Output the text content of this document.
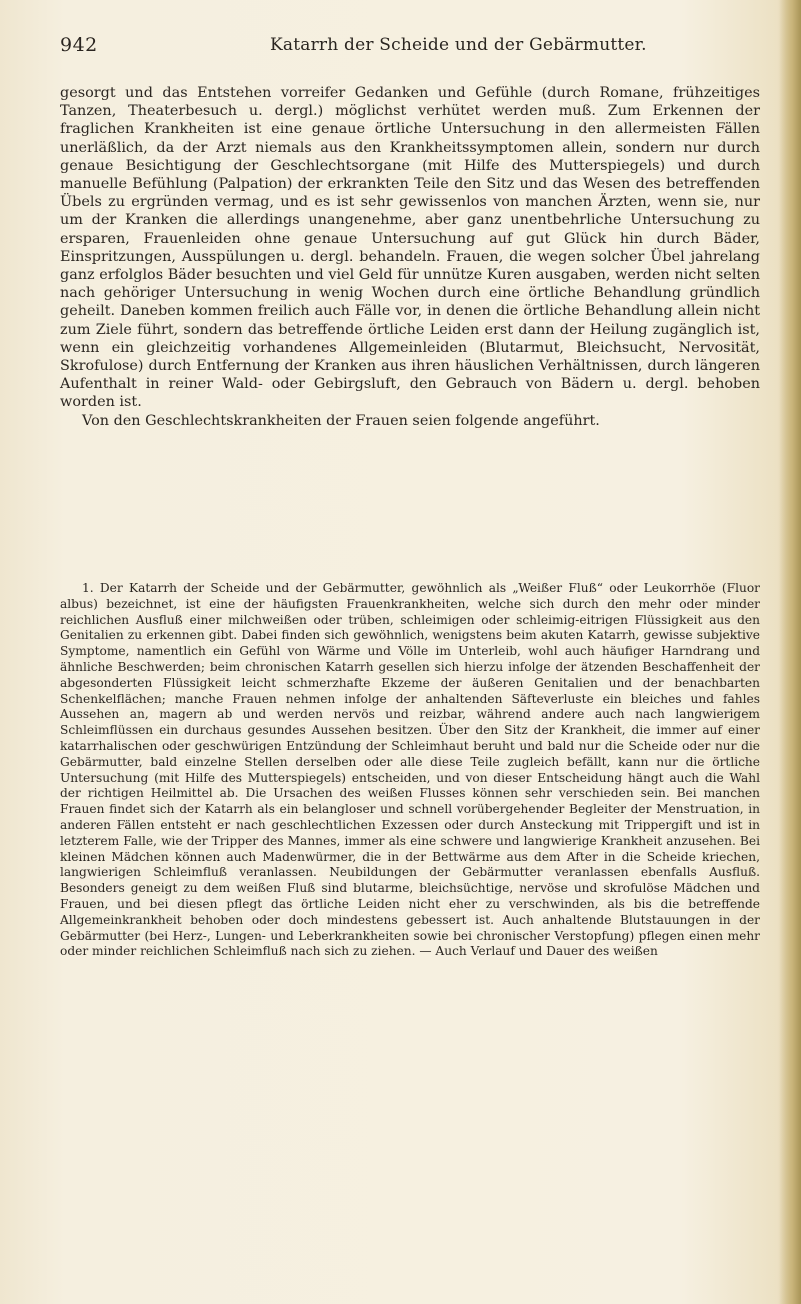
942	Katarrh der Scheide und der Gebärmutter.

gesorgt und das Entstehen vorreifer Gedanken und Gefühle (durch Romane, frühzeitiges Tanzen, Theaterbesuch u. dergl.) möglichst verhütet werden muß. Zum Erkennen der fraglichen Krankheiten ist eine genaue örtliche Untersuchung in den allermeisten Fällen unerläßlich, da der Arzt niemals aus den Krankheitssymptomen allein, sondern nur durch genaue Besichtigung der Geschlechtsorgane (mit Hilfe des Mutterspiegels) und durch manuelle Befühlung (Palpation) der erkrankten Teile den Sitz und das Wesen des betreffenden Übels zu ergründen vermag, und es ist sehr gewissenlos von manchen Ärzten, wenn sie, nur um der Kranken die allerdings unangenehme, aber ganz unentbehrliche Untersuchung zu ersparen, Frauenleiden ohne genaue Untersuchung auf gut Glück hin durch Bäder, Einspritzungen, Ausspülungen u. dergl. behandeln. Frauen, die wegen solcher Übel jahrelang ganz erfolglos Bäder besuchten und viel Geld für unnütze Kuren ausgaben, werden nicht selten nach gehöriger Untersuchung in wenig Wochen durch eine örtliche Behandlung gründlich geheilt. Daneben kommen freilich auch Fälle vor, in denen die örtliche Behandlung allein nicht zum Ziele führt, sondern das betreffende örtliche Leiden erst dann der Heilung zugänglich ist, wenn ein gleichzeitig vorhandenes Allgemeinleiden (Blutarmut, Bleichsucht, Nervosität, Skrofulose) durch Entfernung der Kranken aus ihren häuslichen Verhältnissen, durch längeren Aufenthalt in reiner Wald- oder Gebirgsluft, den Gebrauch von Bädern u. dergl. behoben worden ist.

Von den Geschlechtskrankheiten der Frauen seien folgende angeführt.

1. Der Katarrh der Scheide und der Gebärmutter, gewöhnlich als „Weißer Fluß“ oder Leukorrhöe (Fluor albus) bezeichnet, ist eine der häufigsten Frauenkrankheiten, welche sich durch den mehr oder minder reichlichen Ausfluß einer milchweißen oder trüben, schleimigen oder schleimig-eitrigen Flüssigkeit aus den Genitalien zu erkennen gibt. Dabei finden sich gewöhnlich, wenigstens beim akuten Katarrh, gewisse subjektive Symptome, namentlich ein Gefühl von Wärme und Völle im Unterleib, wohl auch häufiger Harndrang und ähnliche Beschwerden; beim chronischen Katarrh gesellen sich hierzu infolge der ätzenden Beschaffenheit der abgesonderten Flüssigkeit leicht schmerzhafte Ekzeme der äußeren Genitalien und der benachbarten Schenkelflächen; manche Frauen nehmen infolge der anhaltenden Säfteverluste ein bleiches und fahles Aussehen an, magern ab und werden nervös und reizbar, während andere auch nach langwierigem Schleimflüssen ein durchaus gesundes Aussehen besitzen. Über den Sitz der Krankheit, die immer auf einer katarrhalischen oder geschwürigen Entzündung der Schleimhaut beruht und bald nur die Scheide oder nur die Gebärmutter, bald einzelne Stellen derselben oder alle diese Teile zugleich befällt, kann nur die örtliche Untersuchung (mit Hilfe des Mutterspiegels) entscheiden, und von dieser Entscheidung hängt auch die Wahl der richtigen Heilmittel ab. Die Ursachen des weißen Flusses können sehr verschieden sein. Bei manchen Frauen findet sich der Katarrh als ein belangloser und schnell vorübergehender Begleiter der Menstruation, in anderen Fällen entsteht er nach geschlechtlichen Exzessen oder durch Ansteckung mit Trippergift und ist in letzterem Falle, wie der Tripper des Mannes, immer als eine schwere und langwierige Krankheit anzusehen. Bei kleinen Mädchen können auch Madenwürmer, die in der Bettwärme aus dem After in die Scheide kriechen, langwierigen Schleimfluß veranlassen. Neubildungen der Gebärmutter veranlassen ebenfalls Ausfluß. Besonders geneigt zu dem weißen Fluß sind blutarme, bleichsüchtige, nervöse und skrofulöse Mädchen und Frauen, und bei diesen pflegt das örtliche Leiden nicht eher zu verschwinden, als bis die betreffende Allgemeinkrankheit behoben oder doch mindestens gebessert ist. Auch anhaltende Blutstauungen in der Gebärmutter (bei Herz-, Lungen- und Leberkrankheiten sowie bei chronischer Verstopfung) pflegen einen mehr oder minder reichlichen Schleimfluß nach sich zu ziehen. — Auch Verlauf und Dauer des weißen
